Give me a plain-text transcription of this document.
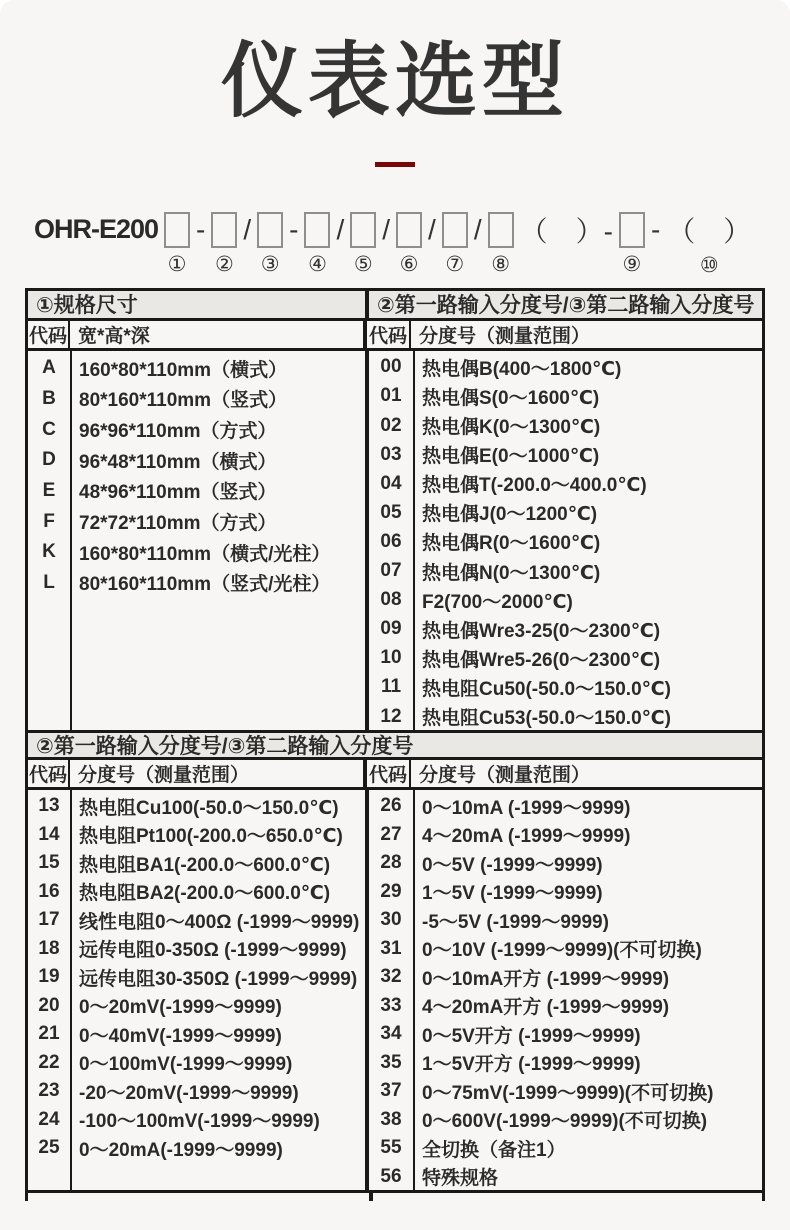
仪表选型
OHR-E200
①
-
②
/
③
-
④
/
⑤
/
⑥
/
⑦
/
⑧
（　）-
⑨
- （　）
⑩
①规格尺寸	②第一路输入分度号/③第二路输入分度号
代码 宽*高*深	代码 分度号（测量范围）
A	160*80*110mm（横式）
B	80*160*110mm（竖式）
C	96*96*110mm（方式）
D	96*48*110mm（横式）
E	48*96*110mm（竖式）
F	72*72*110mm（方式）
K	160*80*110mm（横式/光柱）
L	80*160*110mm（竖式/光柱）
00	热电偶B(400～1800℃)
01	热电偶S(0～1600℃)
02	热电偶K(0～1300℃)
03	热电偶E(0～1000℃)
04	热电偶T(-200.0～400.0℃)
05	热电偶J(0～1200℃)
06	热电偶R(0～1600℃)
07	热电偶N(0～1300℃)
08	F2(700～2000℃)
09	热电偶Wre3-25(0～2300℃)
10	热电偶Wre5-26(0～2300℃)
11	热电阻Cu50(-50.0～150.0℃)
12	热电阻Cu53(-50.0～150.0℃)
②第一路输入分度号/③第二路输入分度号
代码 分度号（测量范围）	代码 分度号（测量范围）
13	热电阻Cu100(-50.0～150.0℃)
14	热电阻Pt100(-200.0～650.0℃)
15	热电阻BA1(-200.0～600.0℃)
16	热电阻BA2(-200.0～600.0℃)
17	线性电阻0～400Ω (-1999～9999)
18	远传电阻0-350Ω (-1999～9999)
19	远传电阻30-350Ω (-1999～9999)
20	0～20mV(-1999～9999)
21	0～40mV(-1999～9999)
22	0～100mV(-1999～9999)
23	-20～20mV(-1999～9999)
24	-100～100mV(-1999～9999)
25	0～20mA(-1999～9999)
26	0～10mA (-1999～9999)
27	4～20mA (-1999～9999)
28	0～5V (-1999～9999)
29	1～5V (-1999～9999)
30	-5～5V (-1999～9999)
31	0～10V (-1999～9999)(不可切换)
32	0～10mA开方 (-1999～9999)
33	4～20mA开方 (-1999～9999)
34	0～5V开方 (-1999～9999)
35	1～5V开方 (-1999～9999)
37	0～75mV(-1999～9999)(不可切换)
38	0～600V(-1999～9999)(不可切换)
55	全切换（备注1）
56	特殊规格
